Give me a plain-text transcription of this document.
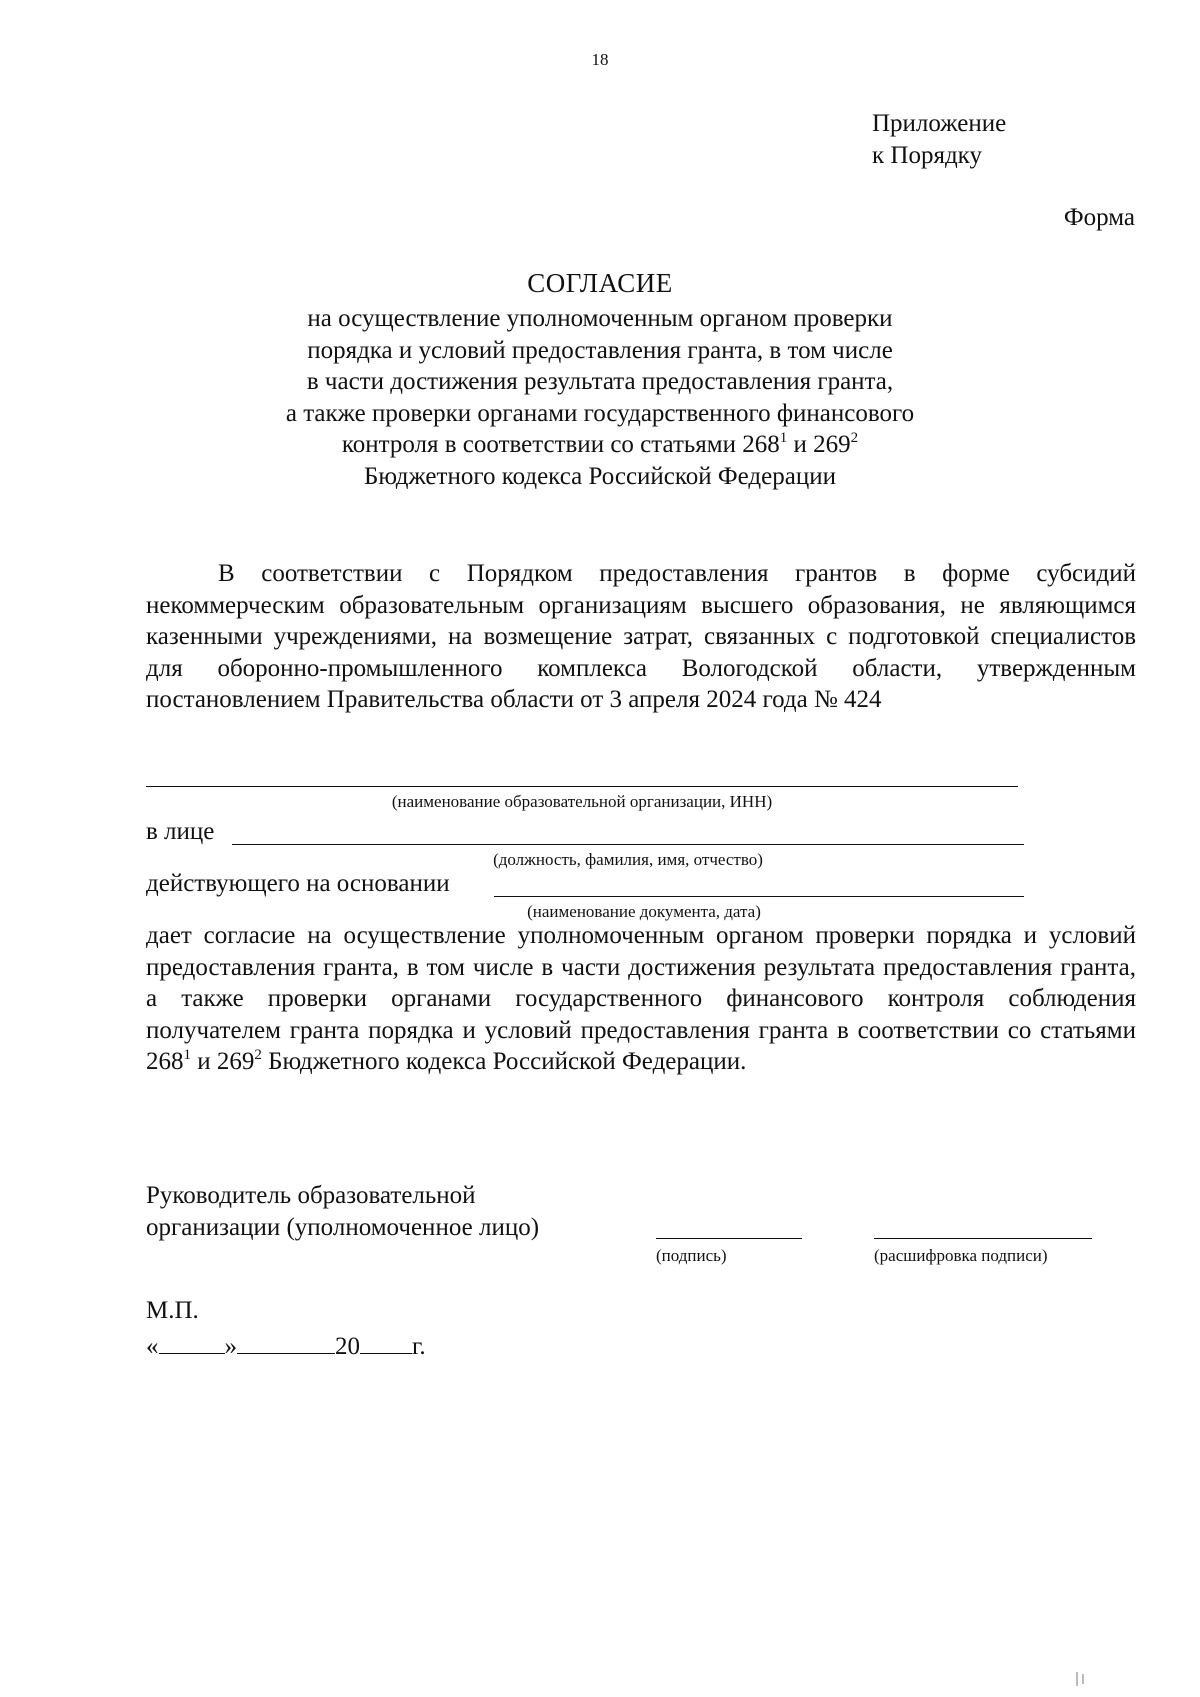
18
Приложение
к Порядку
Форма
СОГЛАСИЕ
на осуществление уполномоченным органом проверки
порядка и условий предоставления гранта, в том числе
в части достижения результата предоставления гранта,
а также проверки органами государственного финансового
контроля в соответствии со статьями $268^1$ и $269^2$
Бюджетного кодекса Российской Федерации
В соответствии с Порядком предоставления грантов в форме субсидий некоммерческим образовательным организациям высшего образования, не являющимся казенными учреждениями, на возмещение затрат, связанных с подготовкой специалистов для оборонно-промышленного комплекса Вологодской области, утвержденным постановлением Правительства области от 3 апреля 2024 года № 424
(наименование образовательной организации, ИНН)
в лице
(должность, фамилия, имя, отчество)
действующего на основании
(наименование документа, дата)
дает согласие на осуществление уполномоченным органом проверки порядка и условий предоставления гранта, в том числе в части достижения результата предоставления гранта, а также проверки органами государственного финансового контроля соблюдения получателем гранта порядка и условий предоставления гранта в соответствии со статьями $268^1$ и $269^2$ Бюджетного кодекса Российской Федерации.
Руководитель образовательной
организации (уполномоченное лицо)
(подпись)	(расшифровка подписи)
М.П.
«	»	20 г.
